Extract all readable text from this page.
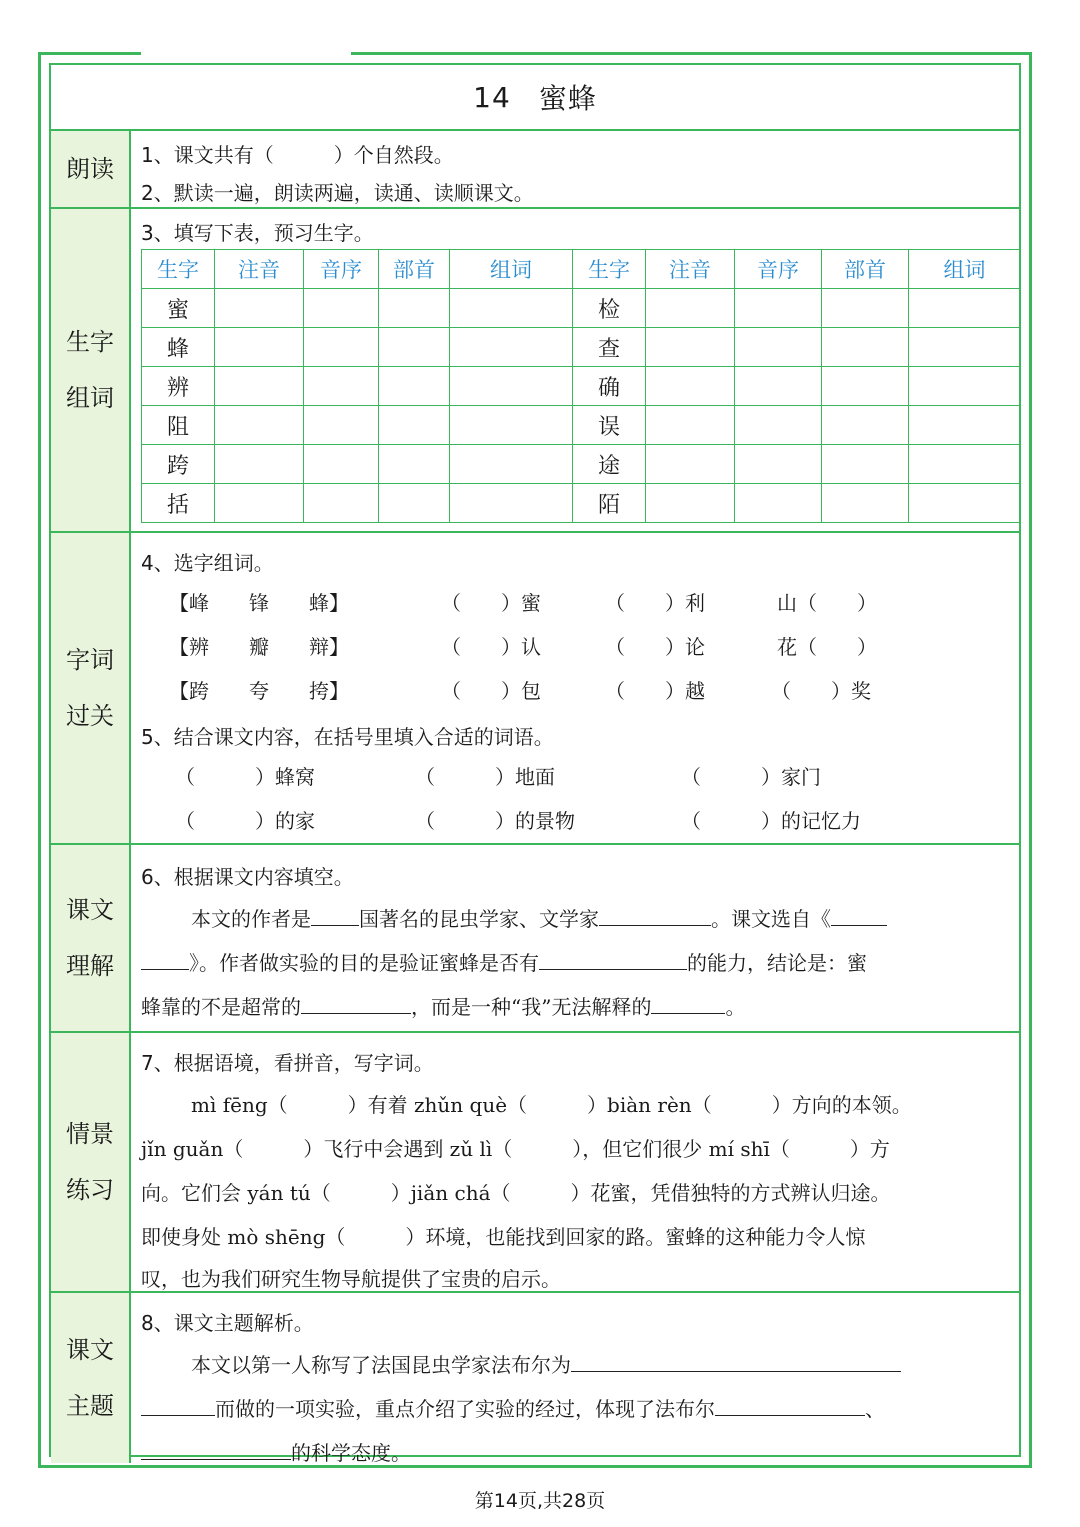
14 蜜蜂
朗读 1、课文共有（　　　）个自然段。
2、默读一遍，朗读两遍，读通、读顺课文。
生字
组词
3、填写下表，预习生字。
生字	注音	音序	部首	组词	生字	注音	音序	部首	组词
蜜					检				
蜂					查				
辨					确				
阻					误				
跨					途				
括					陌				
字词
过关
4、选字组词。
【峰　　锋　　蜂】	（　　）蜜	（　　）利	山（　　）
【辨　　瓣　　辩】	（　　）认	（　　）论	花（　　）
【跨　　夸　　挎】	（　　）包	（　　）越	（　　）奖
5、结合课文内容，在括号里填入合适的词语。
（　　　）蜂窝	（　　　）地面	（　　　）家门
（　　　）的家	（　　　）的景物	（　　　）的记忆力
课文
理解
6、根据课文内容填空。
本文的作者是 国著名的昆虫学家、文学家	。课文选自《
》。作者做实验的目的是验证蜜蜂是否有	的能力，结论是：蜜
蜂靠的不是超常的	，而是一种“我”无法解释的	。
情景
练习
7、根据语境，看拼音，写字词。
mì fēng（　　　）有着 zhǔn què（　　　）biàn rèn（　　　）方向的本领。
jǐn guǎn（　　　）飞行中会遇到 zǔ lì（　　　），但它们很少 mí shī（　　　）方
向。它们会 yán tú（　　　）jiǎn chá（　　　）花蜜，凭借独特的方式辨认归途。
即使身处 mò shēng（　　　）环境，也能找到回家的路。蜜蜂的这种能力令人惊
叹，也为我们研究生物导航提供了宝贵的启示。
课文
主题
8、课文主题解析。
本文以第一人称写了法国昆虫学家法布尔为
而做的一项实验，重点介绍了实验的经过，体现了法布尔	、
的科学态度。
第14页,共28页
